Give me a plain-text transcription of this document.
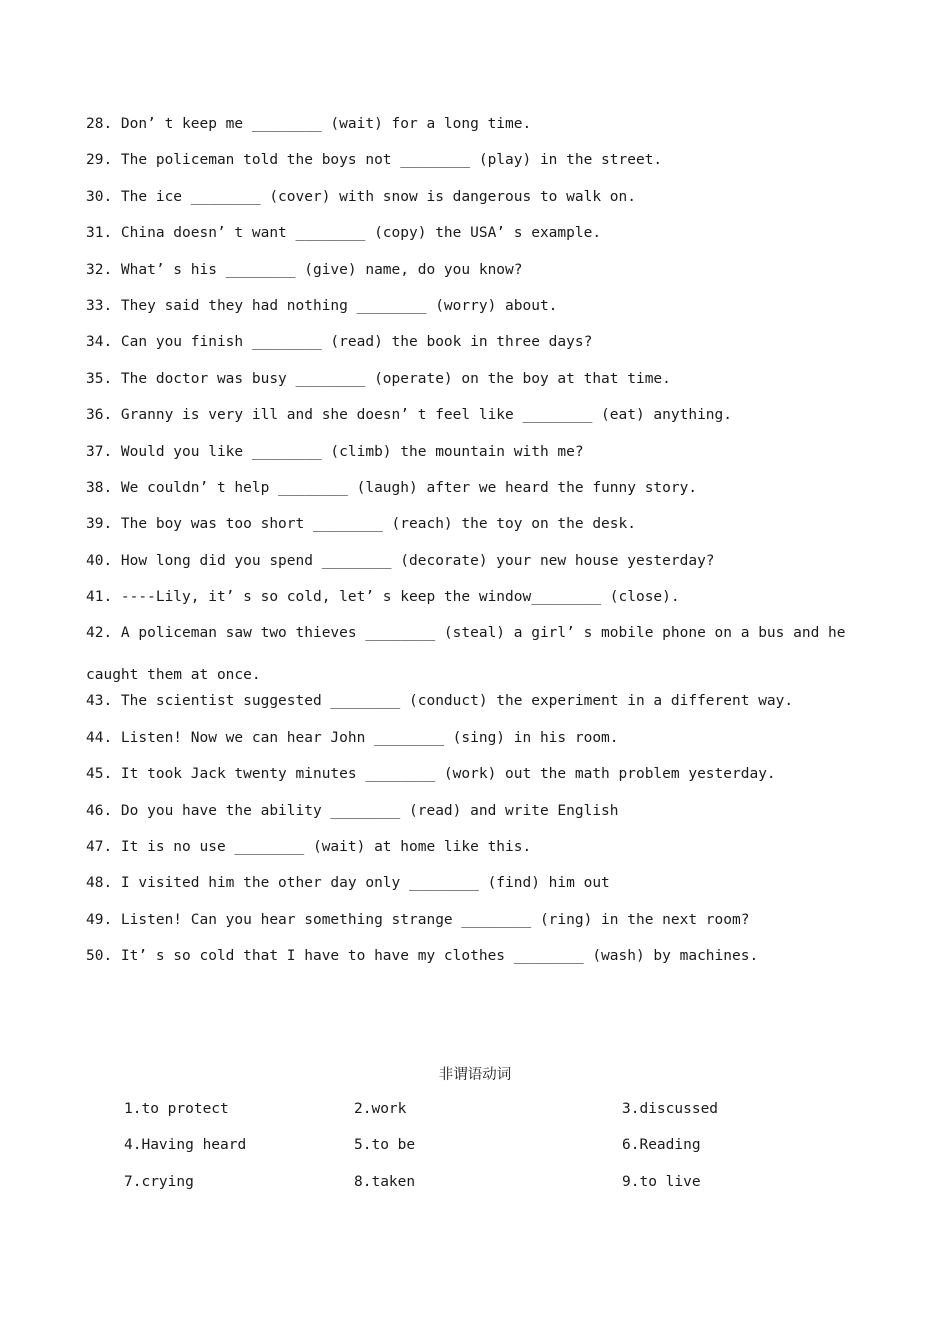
28. Don’ t keep me ________ (wait) for a long time.
29. The policeman told the boys not ________ (play) in the street.
30. The ice ________ (cover) with snow is dangerous to walk on.
31. China doesn’ t want ________ (copy) the USA’ s example.
32. What’ s his ________ (give) name, do you know?
33. They said they had nothing ________ (worry) about.
34. Can you finish ________ (read) the book in three days?
35. The doctor was busy ________ (operate) on the boy at that time.
36. Granny is very ill and she doesn’ t feel like ________ (eat) anything.
37. Would you like ________ (climb) the mountain with me?
38. We couldn’ t help ________ (laugh) after we heard the funny story.
39. The boy was too short ________ (reach) the toy on the desk.
40. How long did you spend ________ (decorate) your new house yesterday?
41. ----Lily, it’ s so cold, let’ s keep the window________ (close).
42. A policeman saw two thieves ________ (steal) a girl’ s mobile phone on a bus and he caught them at once.
43. The scientist suggested ________ (conduct) the experiment in a different way.
44. Listen! Now we can hear John ________ (sing) in his room.
45. It took Jack twenty minutes ________ (work) out the math problem yesterday.
46. Do you have the ability ________ (read) and write English
47. It is no use ________ (wait) at home like this.
48. I visited him the other day only ________ (find) him out
49. Listen! Can you hear something strange ________ (ring) in the next room?
50. It’ s so cold that I have to have my clothes ________ (wash) by machines.
非谓语动词
1.to protect	2.work	3.discussed
4.Having heard	5.to be	6.Reading
7.crying	8.taken	9.to live
